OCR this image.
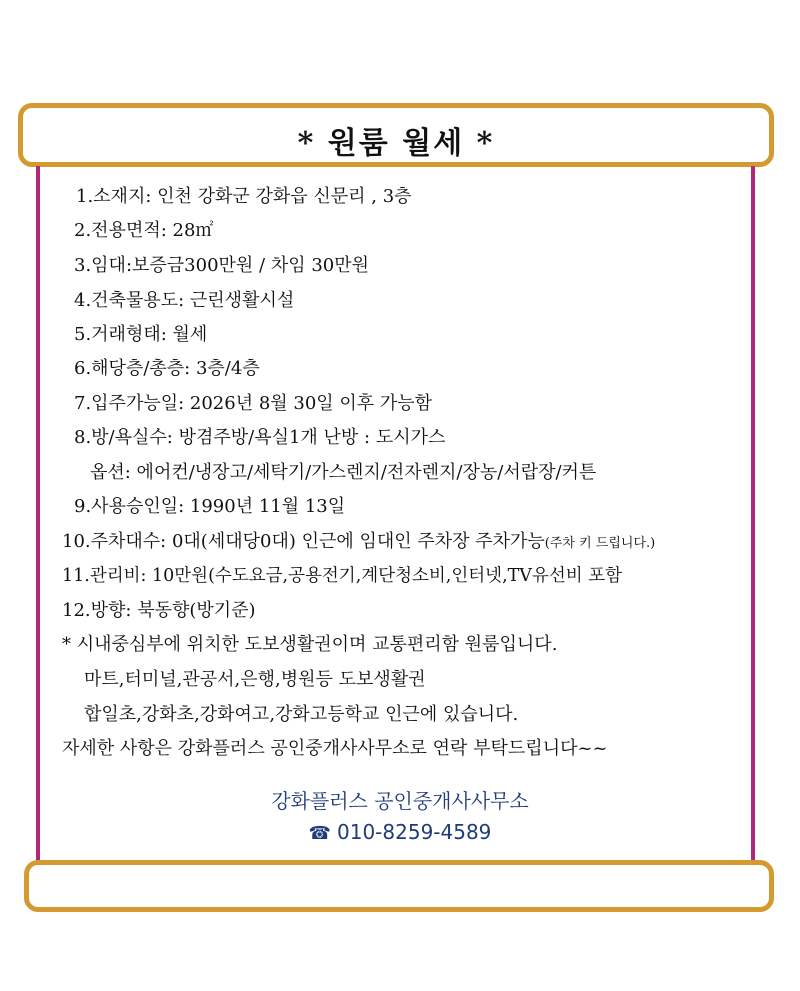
* 원룸 월세 *
1.소재지: 인천 강화군 강화읍 신문리 , 3층
2.전용면적: 28㎡
3.임대:보증금300만원 / 차임 30만원
4.건축물용도: 근린생활시설
5.거래형태: 월세
6.해당층/총층: 3층/4층
7.입주가능일: 2026년 8월 30일 이후 가능함
8.방/욕실수: 방겸주방/욕실1개 난방 : 도시가스
옵션: 에어컨/냉장고/세탁기/가스렌지/전자렌지/장농/서랍장/커튼
9.사용승인일: 1990년 11월 13일
10.주차대수: 0대(세대당0대) 인근에 임대인 주차장 주차가능(주차 키 드립니다.)
11.관리비: 10만원(수도요금,공용전기,계단청소비,인터넷,TV유선비 포함
12.방향: 북동향(방기준)
* 시내중심부에 위치한 도보생활권이며 교통편리함 원룸입니다.
마트,터미널,관공서,은행,병원등 도보생활권
합일초,강화초,강화여고,강화고등학교 인근에 있습니다.
자세한 사항은 강화플러스 공인중개사사무소로 연락 부탁드립니다~~
강화플러스 공인중개사사무소
☎ 010-8259-4589
